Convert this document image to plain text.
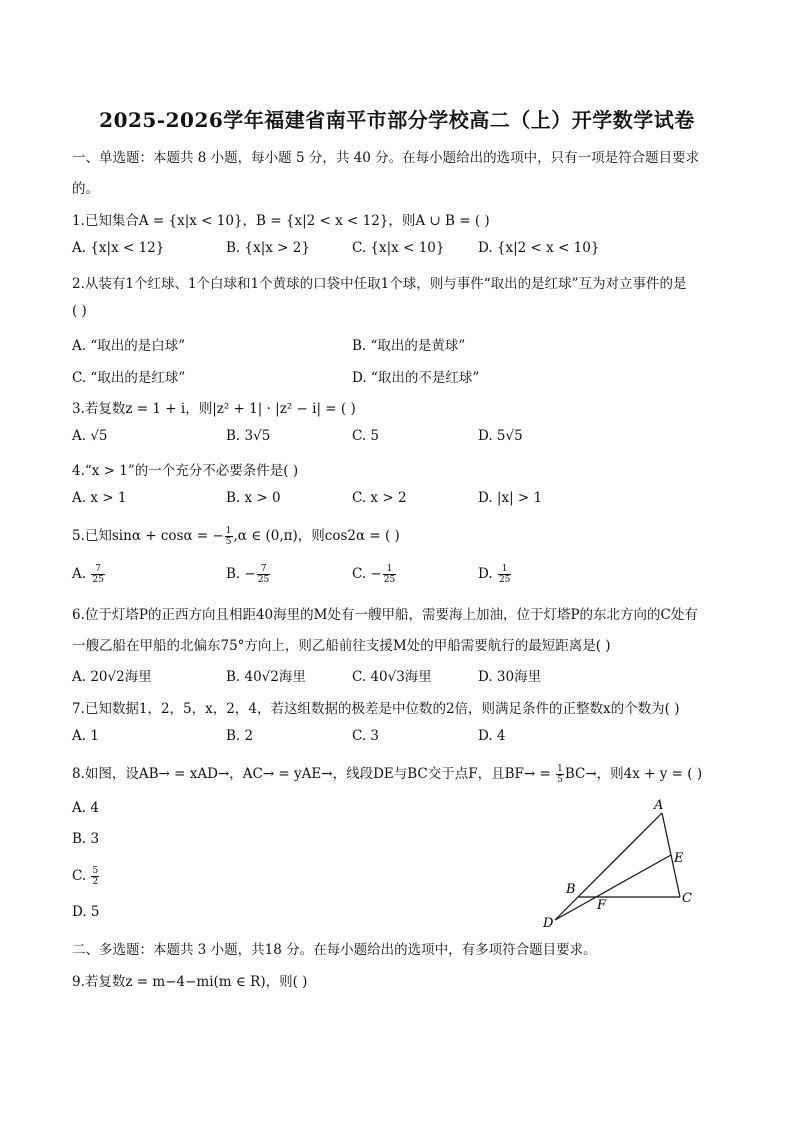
2025-2026学年福建省南平市部分学校高二（上）开学数学试卷
一、单选题：本题共 8 小题，每小题 5 分，共 40 分。在每小题给出的选项中，只有一项是符合题目要求
的。
1.已知集合A = {x|x < 10}，B = {x|2 < x < 12}，则A ∪ B = ( )
A. {x|x < 12}	B. {x|x > 2}	C. {x|x < 10} D. {x|2 < x < 10}
2.从装有1个红球、1个白球和1个黄球的口袋中任取1个球，则与事件“取出的是红球”互为对立事件的是
( )
A. “取出的是白球”	B. “取出的是黄球”
C. “取出的是红球”	D. “取出的不是红球”
3.若复数z = 1 + i，则|z² + 1| · |z² − i| = ( )
A. √5	B. 3√5	C. 5	D. 5√5
4.“x > 1”的一个充分不必要条件是( )
A. x > 1	B. x > 0	C. x > 2	D. |x| > 1
5.已知sinα + cosα = − $\frac{1}{5} ,\alpha$ ∈ (0,π)，则cos2α = ( )
A. $\frac{7}{25}$	B. − $\frac{7}{25}$	C. − $\frac{1}{25}$	D. $\frac{1}{25}$
6.位于灯塔P的正西方向且相距40海里的M处有一艘甲船，需要海上加油，位于灯塔P的东北方向的C处有
一艘乙船在甲船的北偏东75°方向上，则乙船前往支援M处的甲船需要航行的最短距离是( )
A. 20√2海里	B. 40√2海里	C. 40√3海里	D. 30海里
7.已知数据1，2，5，x，2，4，若这组数据的极差是中位数的2倍，则满足条件的正整数x的个数为( )
A. 1	B. 2	C. 3	D. 4
8.如图，设AB→ = xAD→，AC→ = yAE→，线段DE与BC交于点F，且$BF\to = \frac{1}{5} BC\to$，则4x + y = ( )
A. 4
B. 3
C. $\frac{5}{2}$
D. 5
A
E
B
C
F
D
二、多选题：本题共 3 小题，共18 分。在每小题给出的选项中，有多项符合题目要求。
9.若复数z = m−4−mi(m ∈ R)，则( )
